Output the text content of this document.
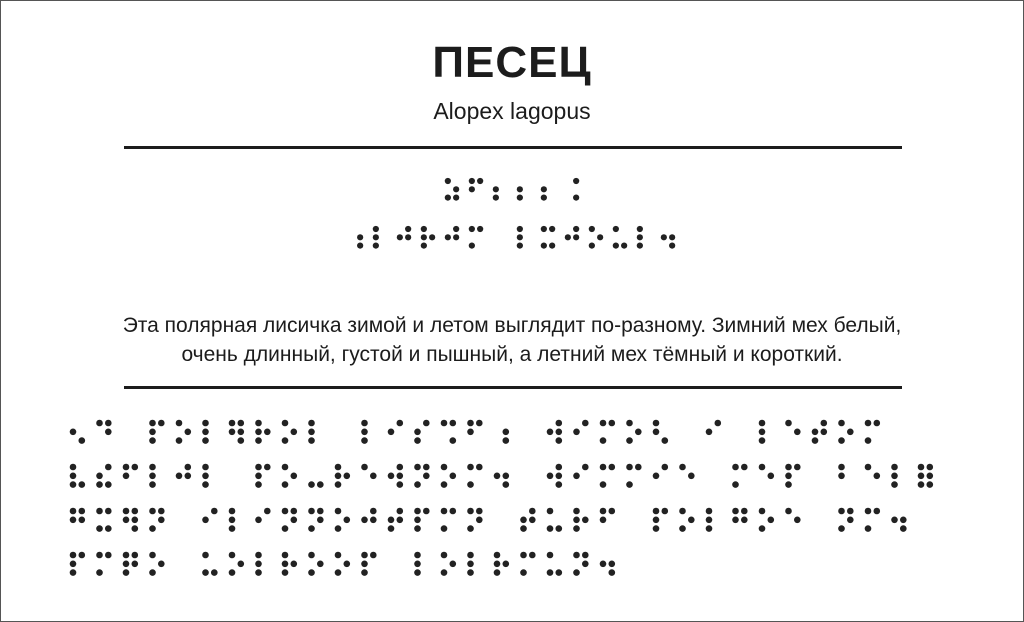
ПЕСЕЦ
Alopex lagopus
Эта полярная лисичка зимой и летом выглядит по-разному. Зимний мех белый,
очень длинный, густой и пышный, а летний мех тёмный и короткий.
